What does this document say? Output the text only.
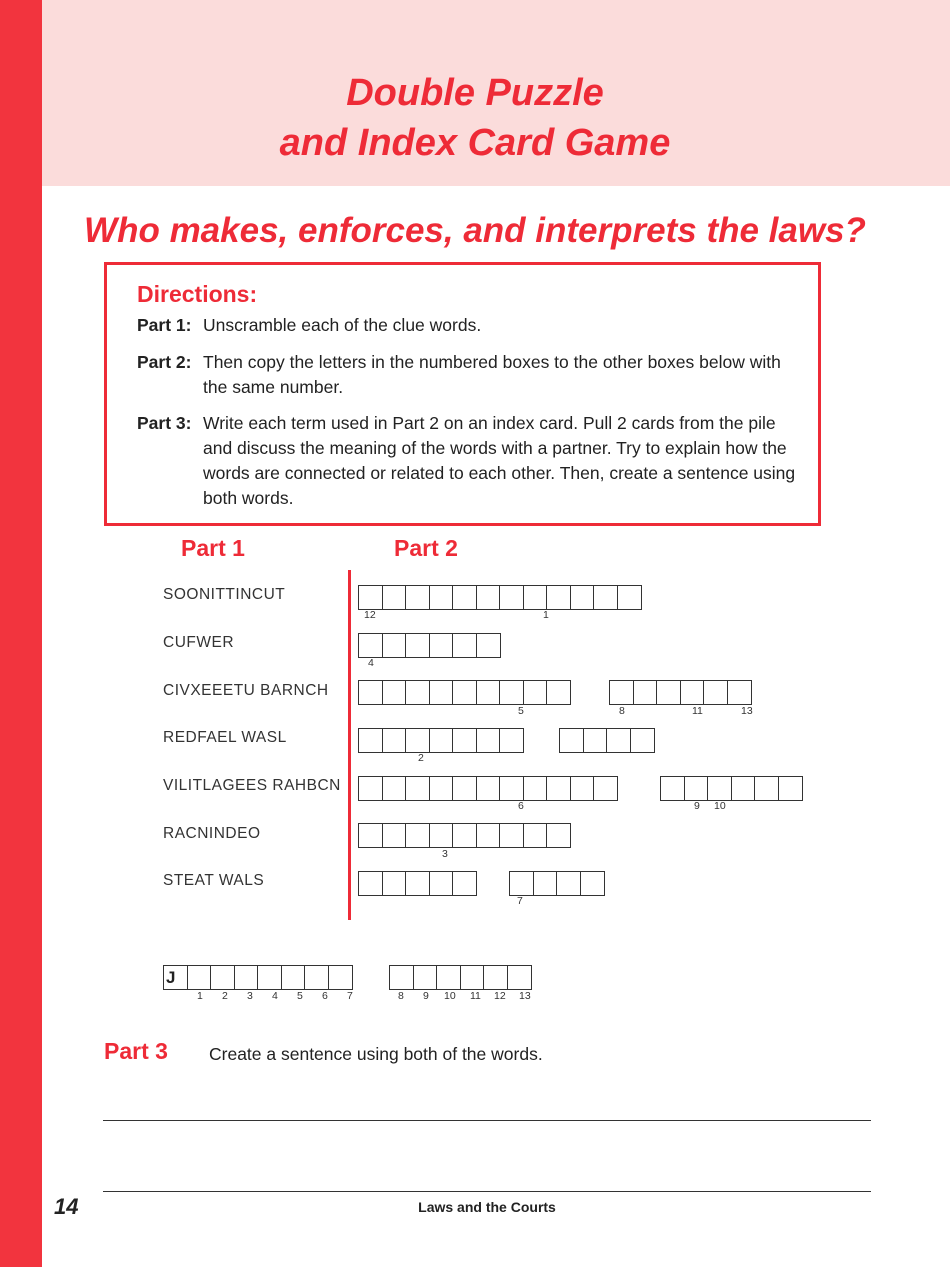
Double Puzzle
and Index Card Game
Who makes, enforces, and interprets the laws?
Directions:
Part 1: Unscramble each of the clue words.
Part 2: Then copy the letters in the numbered boxes to the other boxes below with the same number.
Part 3: Write each term used in Part 2 on an index card. Pull 2 cards from the pile and discuss the meaning of the words with a partner. Try to explain how the words are connected or related to each other. Then, create a sentence using both words.
Part 1	Part 2
SOONITTINCUT
12	1
CUFWER
4
CIVXEEETU BARNCH
5	8	11	13
REDFAEL WASL
2
VILITLAGEES RAHBCN
6	9 10
RACNINDEO
3
STEAT WALS
7
J
1 2 3 4 5 6 7	8 9 10 11 12 13
Part 3 Create a sentence using both of the words.
14	Laws and the Courts
